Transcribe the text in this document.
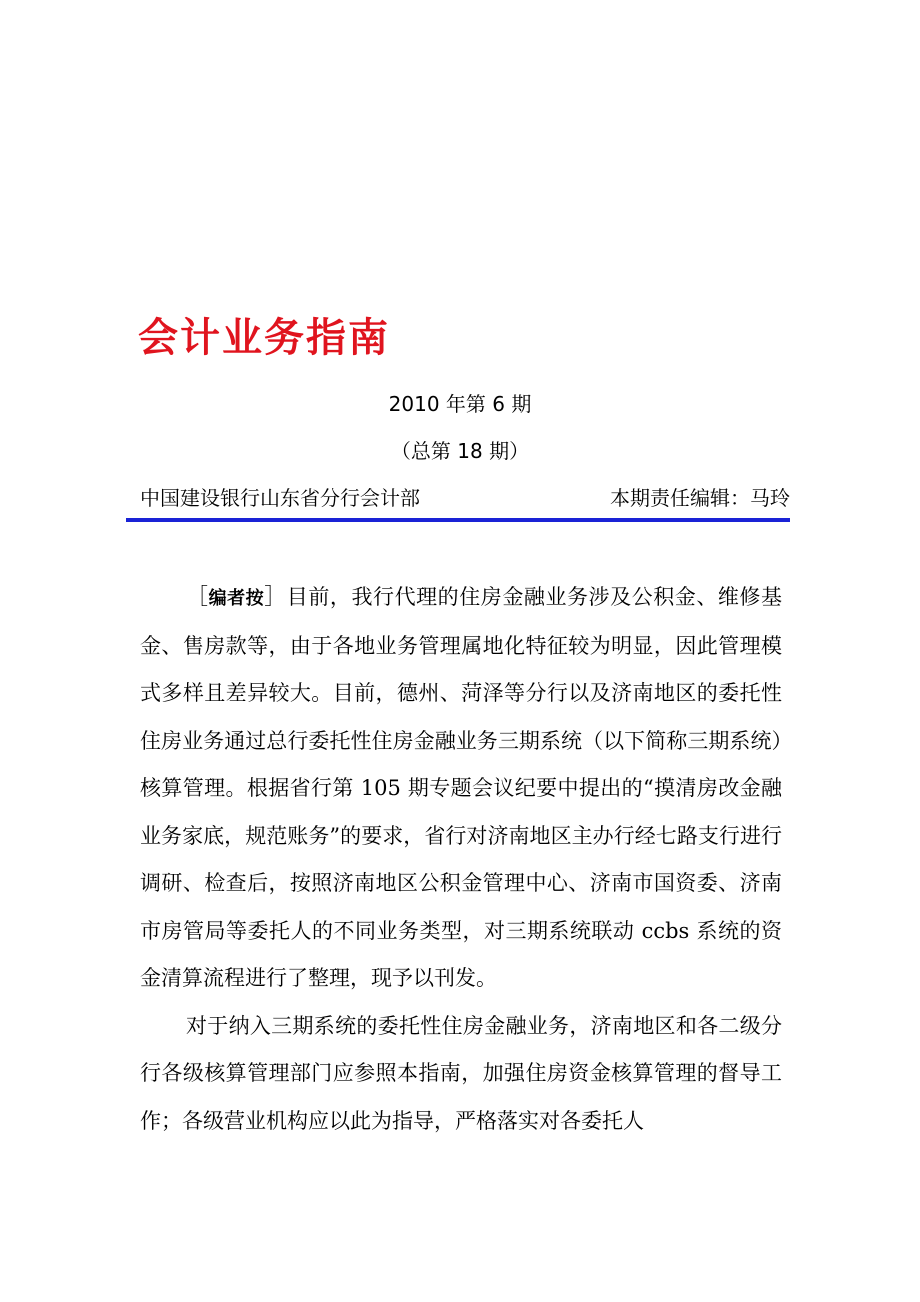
会计业务指南
2010 年第 6 期
（总第 18 期）
中国建设银行山东省分行会计部	本期责任编辑：马玲

［编者按］目前，我行代理的住房金融业务涉及公积金、维修基金、售房款等，由于各地业务管理属地化特征较为明显，因此管理模式多样且差异较大。目前，德州、菏泽等分行以及济南地区的委托性住房业务通过总行委托性住房金融业务三期系统（以下简称三期系统）核算管理。根据省行第 105 期专题会议纪要中提出的“摸清房改金融业务家底，规范账务”的要求，省行对济南地区主办行经七路支行进行调研、检查后，按照济南地区公积金管理中心、济南市国资委、济南市房管局等委托人的不同业务类型，对三期系统联动 ccbs 系统的资金清算流程进行了整理，现予以刊发。

对于纳入三期系统的委托性住房金融业务，济南地区和各二级分行各级核算管理部门应参照本指南，加强住房资金核算管理的督导工作；各级营业机构应以此为指导，严格落实对各委托人
